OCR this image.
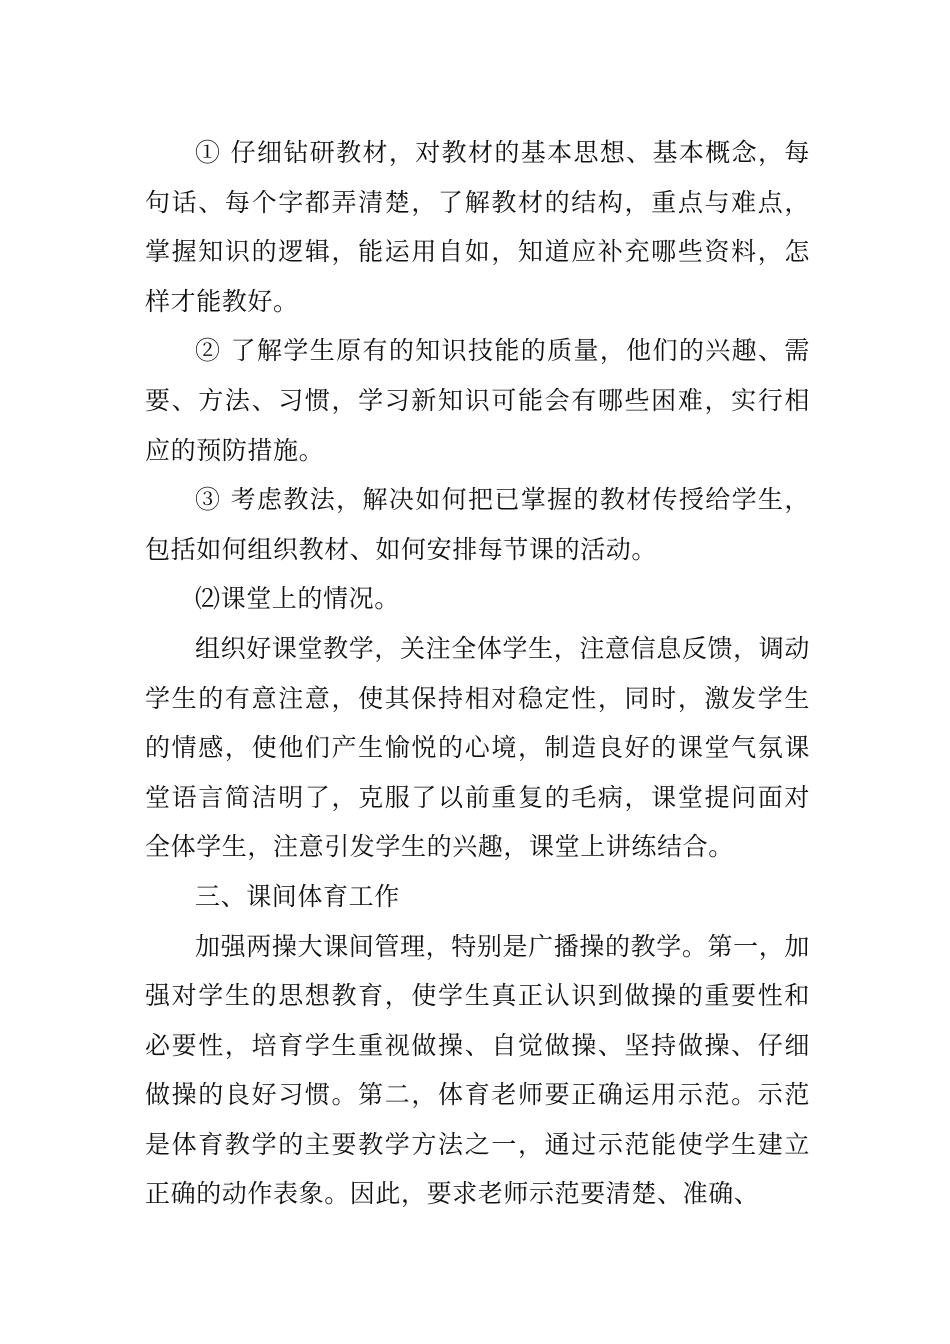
① 仔细钻研教材，对教材的基本思想、基本概念，每句话、每个字都弄清楚，了解教材的结构，重点与难点，掌握知识的逻辑，能运用自如，知道应补充哪些资料，怎样才能教好。

② 了解学生原有的知识技能的质量，他们的兴趣、需要、方法、习惯，学习新知识可能会有哪些困难，实行相应的预防措施。

③ 考虑教法，解决如何把已掌握的教材传授给学生，包括如何组织教材、如何安排每节课的活动。

⑵课堂上的情况。

组织好课堂教学，关注全体学生，注意信息反馈，调动学生的有意注意，使其保持相对稳定性，同时，激发学生的情感，使他们产生愉悦的心境，制造良好的课堂气氛课堂语言简洁明了，克服了以前重复的毛病，课堂提问面对全体学生，注意引发学生的兴趣，课堂上讲练结合。

三、课间体育工作

加强两操大课间管理，特别是广播操的教学。第一，加强对学生的思想教育，使学生真正认识到做操的重要性和必要性，培育学生重视做操、自觉做操、坚持做操、仔细做操的良好习惯。第二，体育老师要正确运用示范。示范是体育教学的主要教学方法之一，通过示范能使学生建立正确的动作表象。因此，要求老师示范要清楚、准确、
